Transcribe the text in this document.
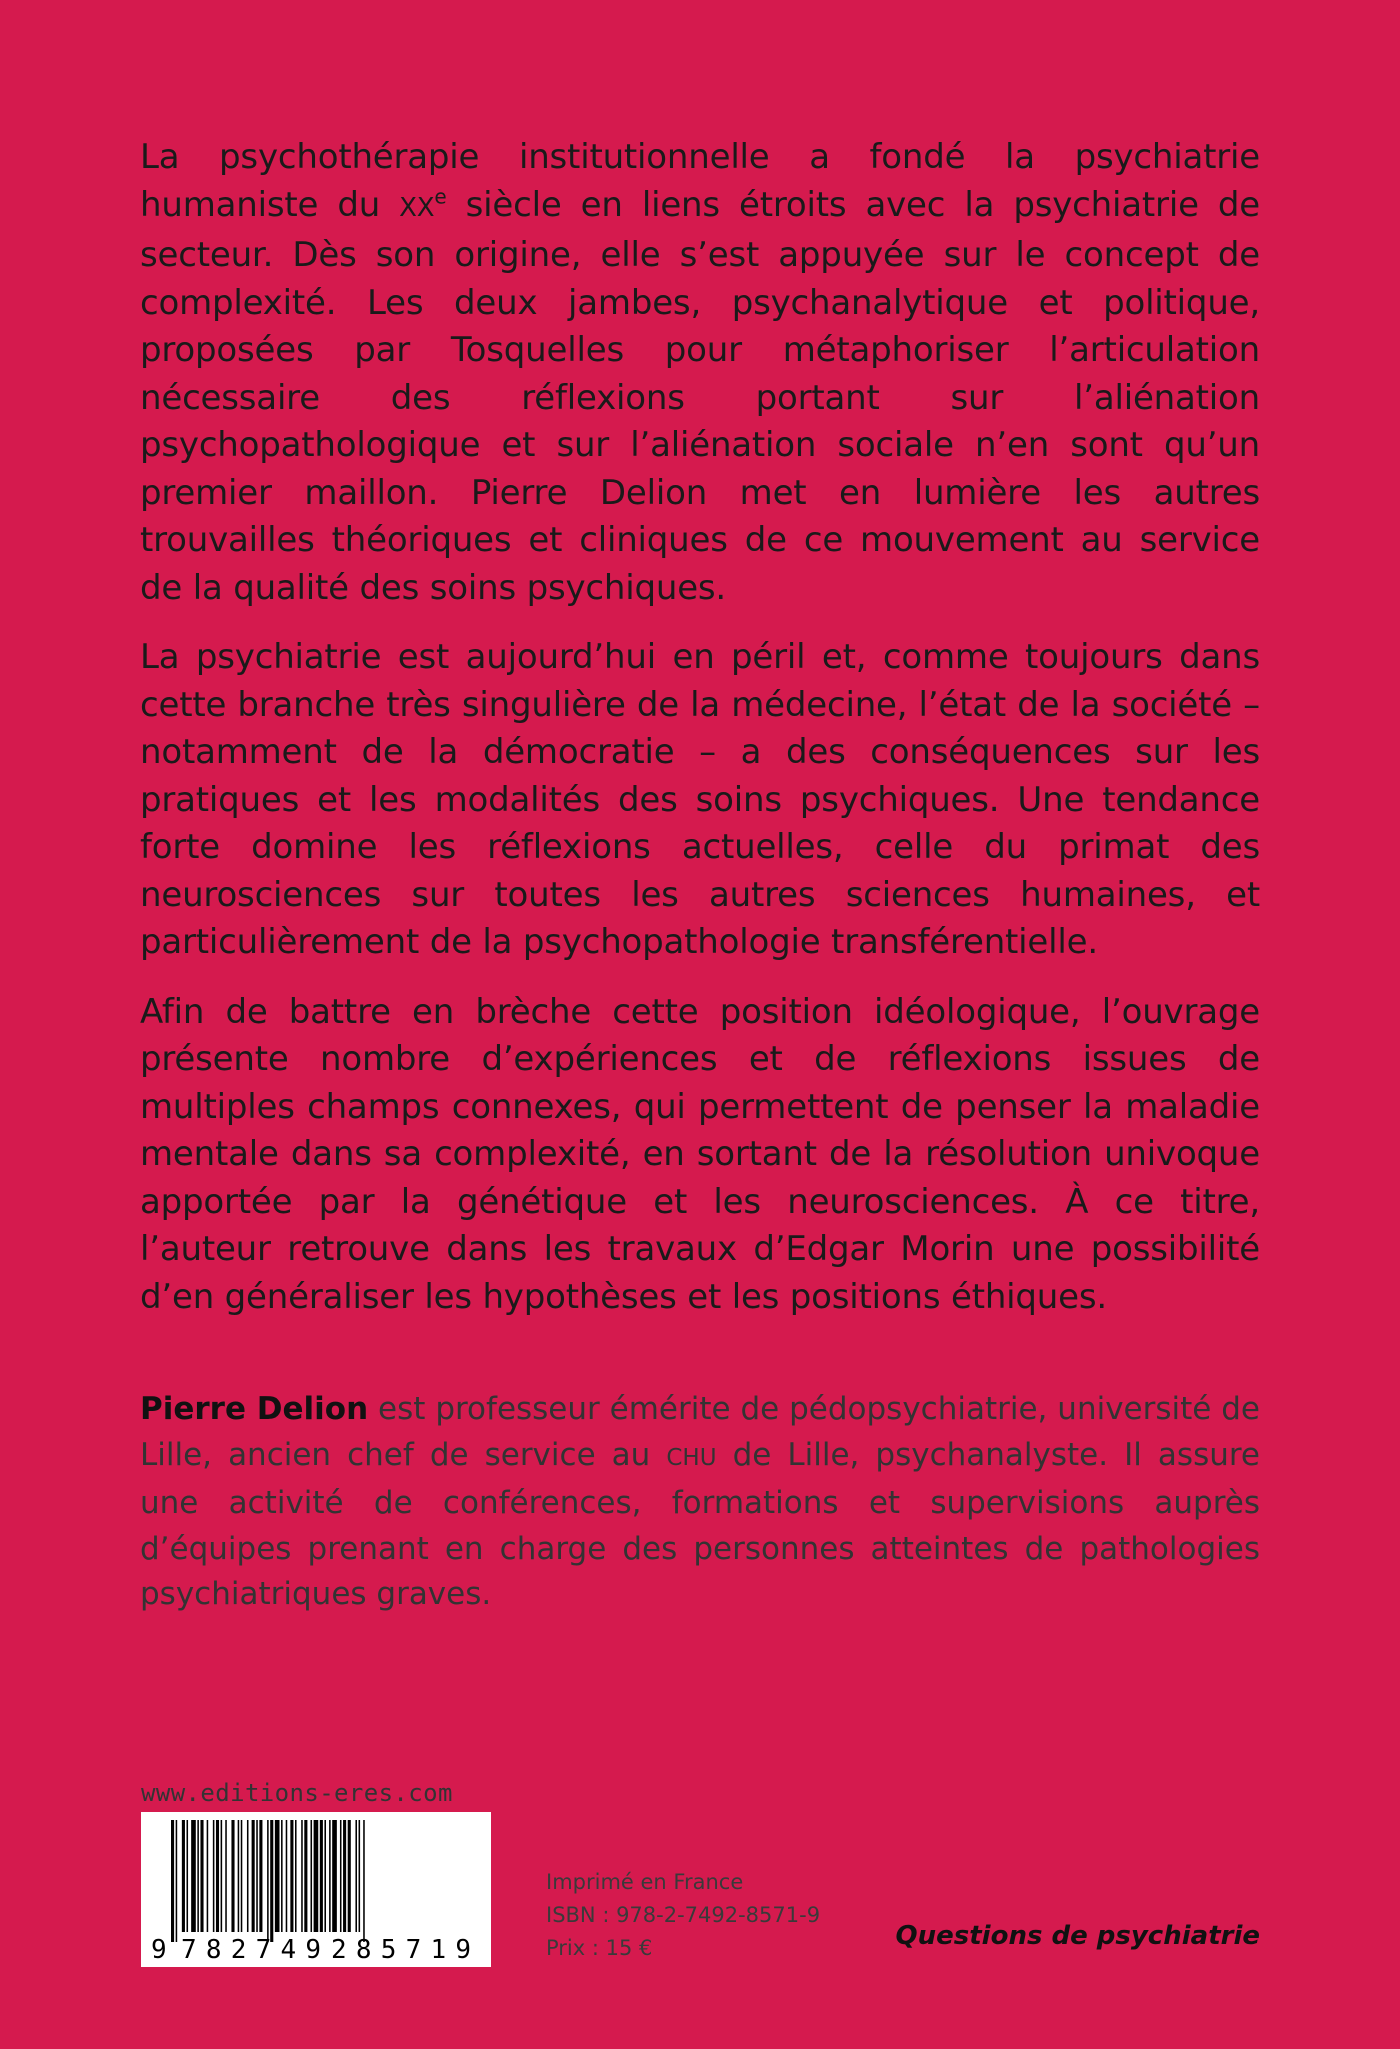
La psychothérapie institutionnelle a fondé la psychiatrie humaniste du XXe siècle en liens étroits avec la psychiatrie de secteur. Dès son origine, elle s’est appuyée sur le concept de complexité. Les deux jambes, psychanalytique et politique, proposées par Tosquelles pour métaphoriser l’articulation nécessaire des réflexions portant sur l’aliénation psychopathologique et sur l’aliénation sociale n’en sont qu’un premier maillon. Pierre Delion met en lumière les autres trouvailles théoriques et cliniques de ce mouvement au service de la qualité des soins psychiques.

La psychiatrie est aujourd’hui en péril et, comme toujours dans cette branche très singulière de la médecine, l’état de la société – notamment de la démocratie – a des conséquences sur les pratiques et les modalités des soins psychiques. Une tendance forte domine les réflexions actuelles, celle du primat des neurosciences sur toutes les autres sciences humaines, et particulièrement de la psychopathologie transférentielle.

Afin de battre en brèche cette position idéologique, l’ouvrage présente nombre d’expériences et de réflexions issues de multiples champs connexes, qui permettent de penser la maladie mentale dans sa complexité, en sortant de la résolution univoque apportée par la génétique et les neurosciences. À ce titre, l’auteur retrouve dans les travaux d’Edgar Morin une possibilité d’en généraliser les hypothèses et les positions éthiques.

Pierre Delion est professeur émérite de pédopsychiatrie, université de Lille, ancien chef de service au CHU de Lille, psychanalyste. Il assure une activité de conférences, formations et supervisions auprès d’équipes prenant en charge des personnes atteintes de pathologies psychiatriques graves.

www.editions-eres.com
9 782749 285719
Imprimé en France
ISBN : 978-2-7492-8571-9
Prix : 15 €	Questions de psychiatrie
